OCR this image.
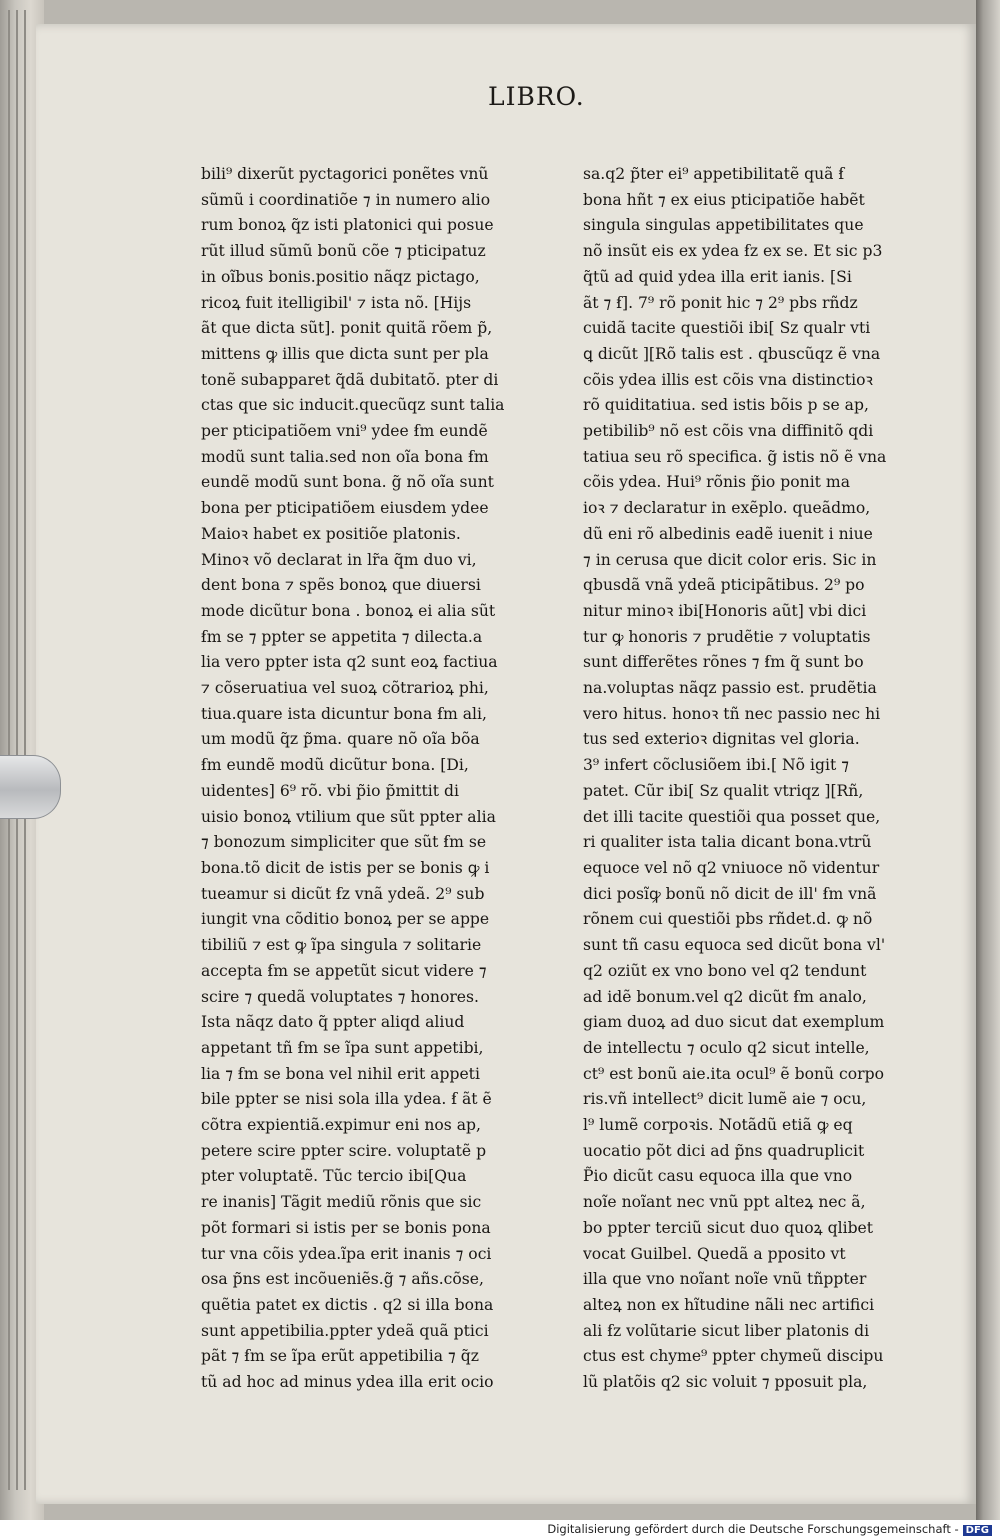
LIBRO.
bili⁹ dixerũt pyctagorici ponẽtes vnũ
sũmũ i coordinatiõe ⁊ in numero alio
rum bonoꝝ q̃z isti platonici qui posue
rũt illud sũmũ bonũ cõe ⁊ pticipatuz
in oĩbus bonis.positio nãqz pictago,
ricoꝝ fuit itelligibil' ⁊ ista nõ. [Hijs
ãt que dicta sũt]. ponit quitã rõem p̃,
mittens ꝙ illis que dicta sunt per pla
tonẽ subapparet q̃dã dubitatõ. pter di
ctas que sic inducit.quecũqz sunt talia
per pticipatiõem vni⁹ ydee ẜm eundẽ
modũ sunt talia.sed non oĩa bona ẜm
eundẽ modũ sunt bona. g̃ nõ oĩa sunt
bona per pticipatiõem eiusdem ydee
Maioꝛ habet ex positiõe platonis.
Minoꝛ võ declarat in lr̃a q̃m duo vi,
dent bona ⁊ spẽs bonoꝝ que diuersi
mode dicũtur bona . bonoꝝ ei alia sũt
ẜm se ⁊ ppter se appetita ⁊ dilecta.a
lia vero ppter ista q2 sunt eoꝝ factiua
⁊ cõseruatiua vel suoꝝ cõtrarioꝝ phi,
tiua.quare ista dicuntur bona ẜm ali,
um modũ q̃z p̃ma. quare nõ oĩa bõa
ẜm eundẽ modũ dicũtur bona. [Di,
uidentes] 6⁹ rõ. vbi p̃io p̃mittit di
uisio bonoꝝ vtilium que sũt ppter alia
⁊ bonozum simpliciter que sũt ẜm se
bona.tõ dicit de istis per se bonis ꝙ i
tueamur si dicũt ẜz vnã ydeã. 2⁹ sub
iungit vna cõditio bonoꝝ per se appe
tibiliũ ⁊ est ꝙ ĩpa singula ⁊ solitarie
accepta ẜm se appetũt sicut videre ⁊
scire ⁊ quedã voluptates ⁊ honores.
Ista nãqz dato q̃ ppter aliqd aliud
appetant tñ ẜm se ĩpa sunt appetibi,
lia ⁊ ẜm se bona vel nihil erit appeti
bile ppter se nisi sola illa ydea. ẜ ãt ẽ
cõtra expientiã.expimur eni nos ap,
petere scire ppter scire. voluptatẽ p
pter voluptatẽ. Tũc tercio ibi[Qua
re inanis] Tãgit mediũ rõnis que sic
põt formari si istis per se bonis pona
tur vna cõis ydea.ĩpa erit inanis ⁊ oci
osa p̃ns est incõueniẽs.g̃ ⁊ añs.cõse,
quẽtia patet ex dictis . q2 si illa bona
sunt appetibilia.ppter ydeã quã ptici
pãt ⁊ ẜm se ĩpa erũt appetibilia ⁊ q̃z
tũ ad hoc ad minus ydea illa erit ocio
sa.q2 p̃ter ei⁹ appetibilitatẽ quã ẜ
bona hñt ⁊ ex eius pticipatiõe habẽt
singula singulas appetibilitates que
nõ insũt eis ex ydea ẜz ex se. Et sic p3
q̃tũ ad quid ydea illa erit ianis. [Si
ãt ⁊ ẜ]. 7⁹ rõ ponit hic ⁊ 2⁹ pbs rñdz
cuidã tacite questiõi ibi[ Sz qualr vti
ꝗ dicũt ][Rõ talis est . qbuscũqz ẽ vna
cõis ydea illis est cõis vna distinctioꝛ
rõ quiditatiua. sed istis bõis p se ap,
petibilib⁹ nõ est cõis vna diffinitõ qdi
tatiua seu rõ specifica. g̃ istis nõ ẽ vna
cõis ydea. Hui⁹ rõnis p̃io ponit ma
ioꝛ ⁊ declaratur in exẽplo. queãdmo,
dũ eni rõ albedinis eadẽ iuenit i niue
⁊ in cerusa que dicit color eris. Sic in
qbusdã vnã ydeã pticipãtibus. 2⁹ po
nitur minoꝛ ibi[Honoris aũt] vbi dici
tur ꝙ honoris ⁊ prudẽtie ⁊ voluptatis
sunt differẽtes rõnes ⁊ ẜm q̃ sunt bo
na.voluptas nãqz passio est. prudẽtia
vero hitus. honoꝛ tñ nec passio nec hi
tus sed exterioꝛ dignitas vel gloria.
3⁹ infert cõclusiõem ibi.[ Nõ igit ⁊
patet. Cũr ibi[ Sz qualit vtriqz ][Rñ,
det illi tacite questiõi qua posset que,
ri qualiter ista talia dicant bona.vtrũ
equoce vel nõ q2 vniuoce nõ videntur
dici posĩꝙ bonũ nõ dicit de ill' ẜm vnã
rõnem cui questiõi pbs rñdet.d. ꝙ nõ
sunt tñ casu equoca sed dicũt bona vl'
q2 oziũt ex vno bono vel q2 tendunt
ad idẽ bonum.vel q2 dicũt ẜm analo,
giam duoꝝ ad duo sicut dat exemplum
de intellectu ⁊ oculo q2 sicut intelle,
ct⁹ est bonũ aie.ita ocul⁹ ẽ bonũ corpo
ris.vñ intellect⁹ dicit lumẽ aie ⁊ ocu,
l⁹ lumẽ corpoꝛis. Notãdũ etiã ꝙ eq
uocatio põt dici ad p̃ns quadruplicit
P̃io dicũt casu equoca illa que vno
noĩe noĩant nec vnũ ppt alteꝝ nec ã,
bo ppter terciũ sicut duo quoꝝ qlibet
vocat Guilbel. Quedã a pposito vt
illa que vno noĩant noĩe vnũ tñppter
alteꝝ non ex hĩtudine nãli nec artifici
ali ẜz volũtarie sicut liber platonis di
ctus est chyme⁹ ppter chymeũ discipu
lũ platõis q2 sic voluit ⁊ pposuit pla,
Digitalisierung gefördert durch die Deutsche Forschungsgemeinschaft - DFG
